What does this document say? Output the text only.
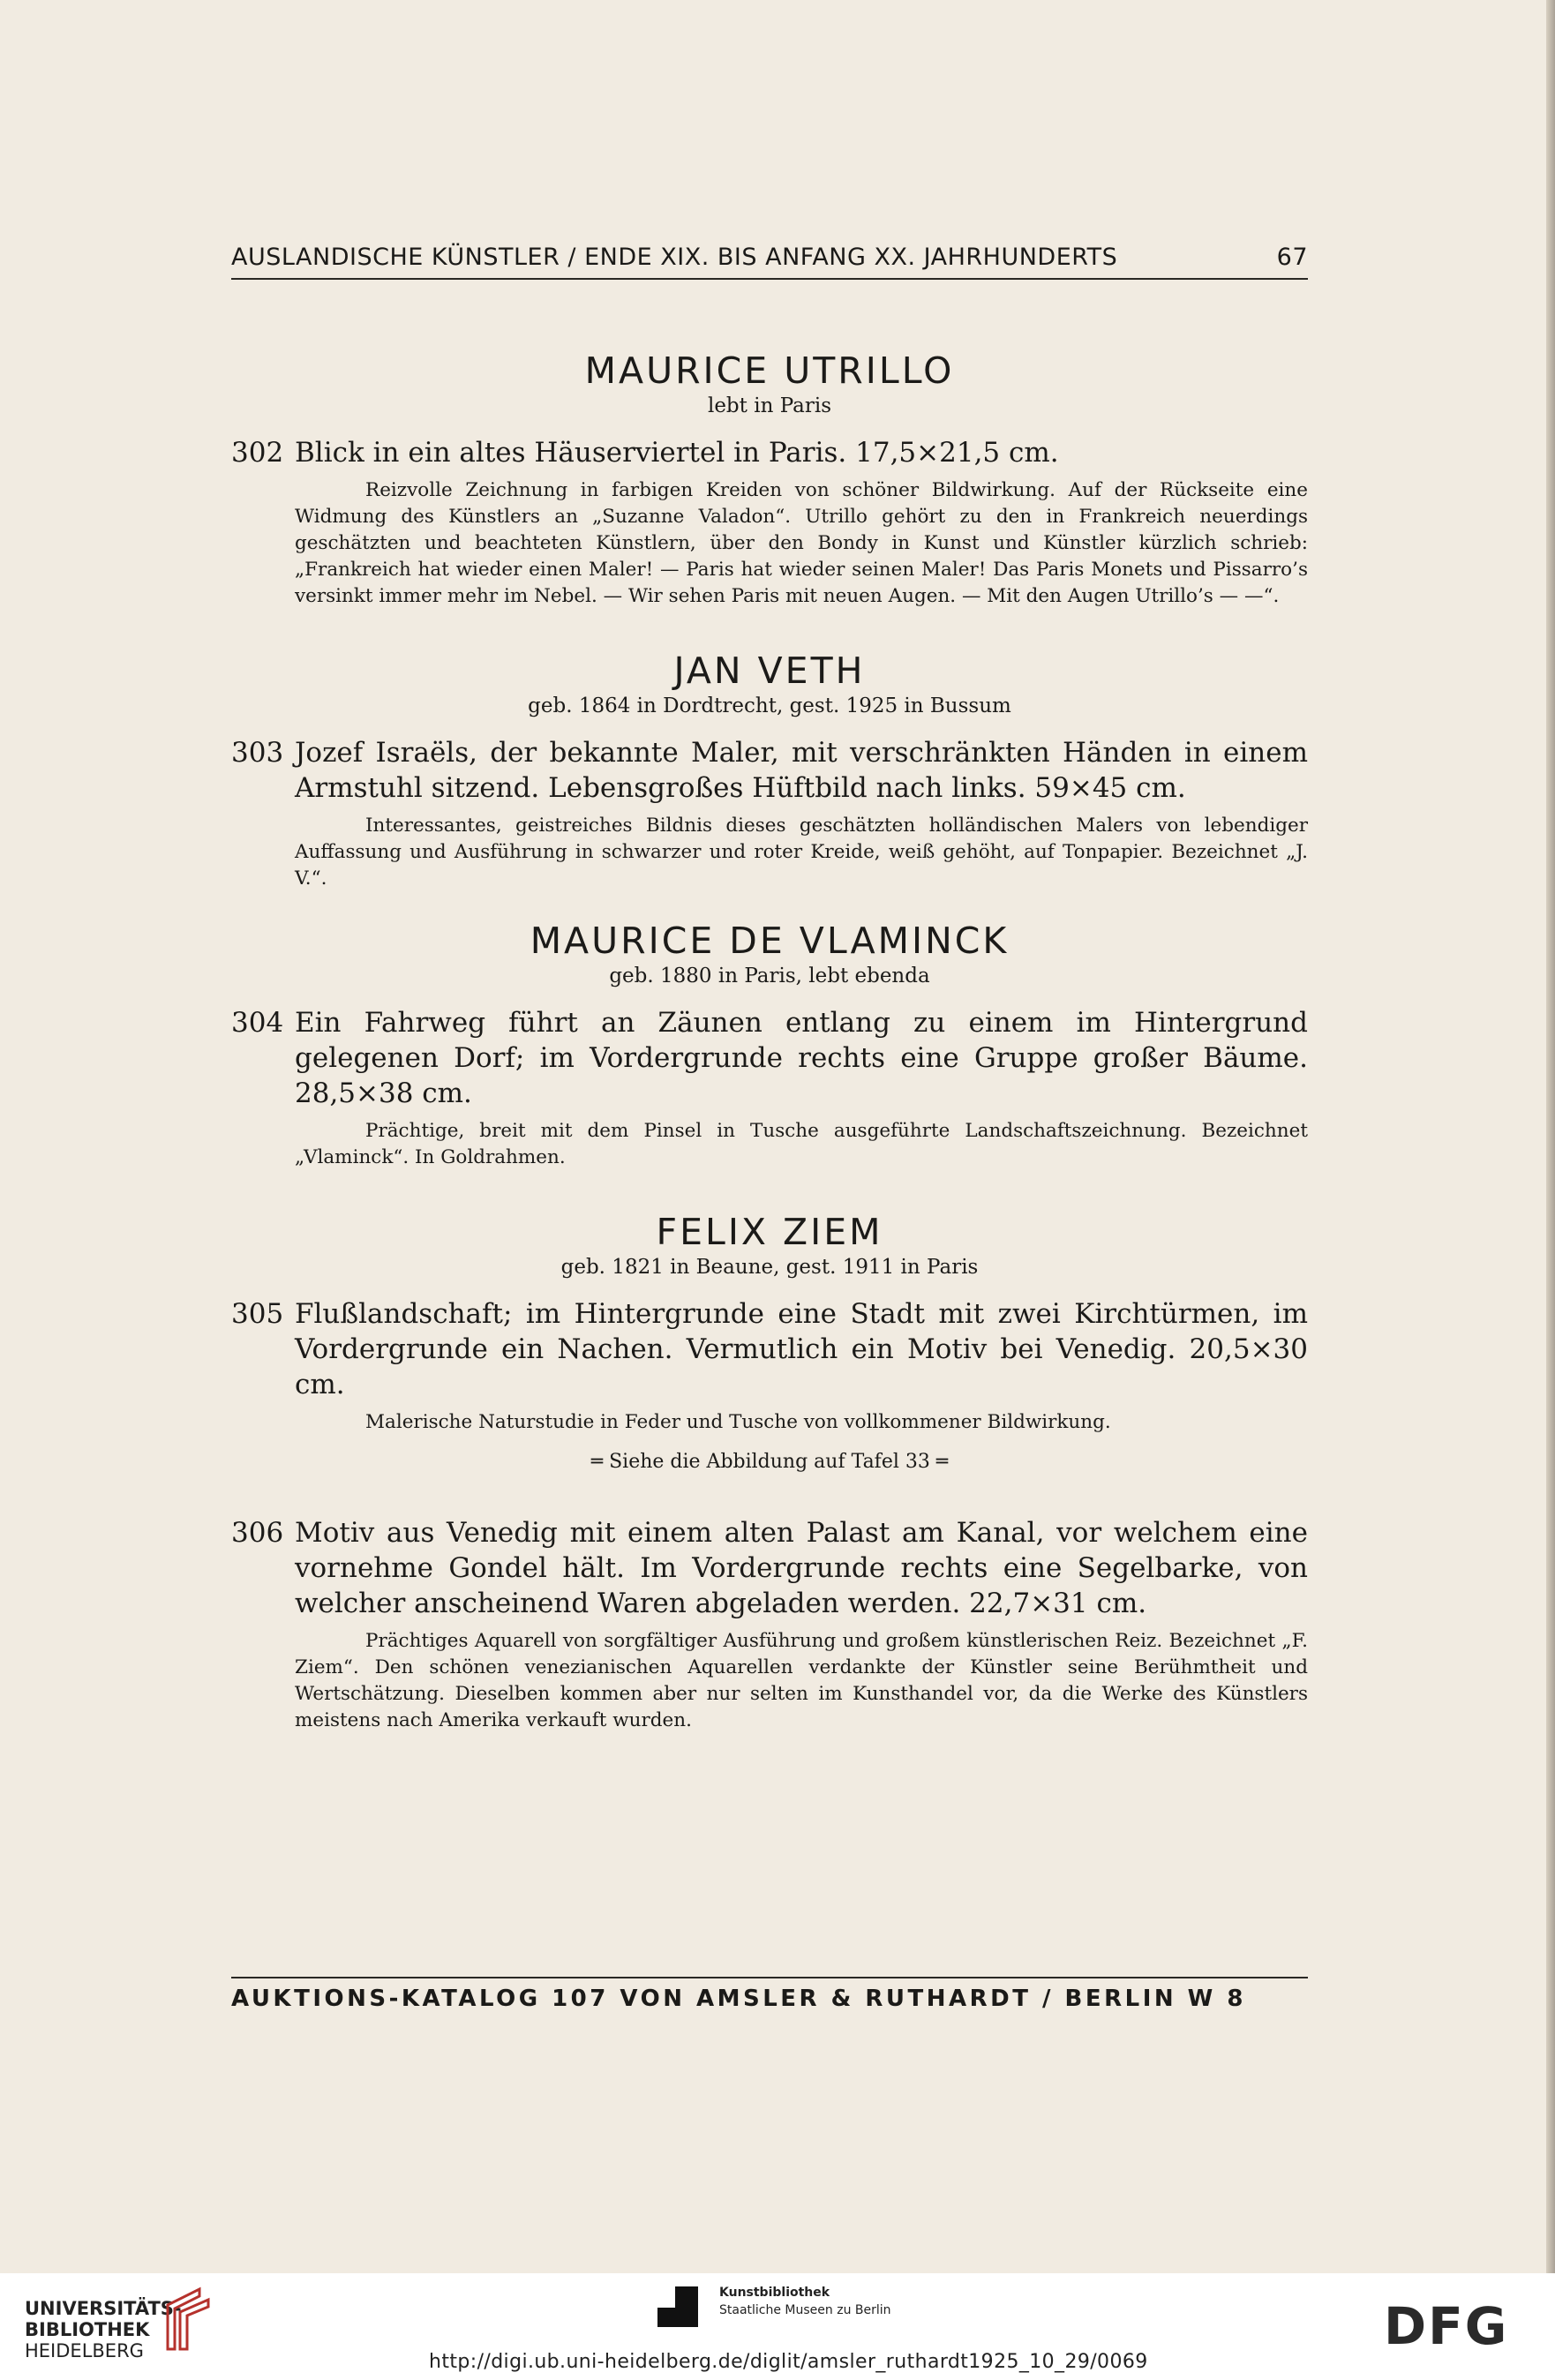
AUSLANDISCHE KÜNSTLER / ENDE XIX. BIS ANFANG XX. JAHRHUNDERTS	67
MAURICE UTRILLO
lebt in Paris
302 Blick in ein altes Häuserviertel in Paris. 17,5×21,5 cm.
Reizvolle Zeichnung in farbigen Kreiden von schöner Bildwirkung. Auf der Rückseite eine Widmung des Künstlers an „Suzanne Valadon“. Utrillo gehört zu den in Frankreich neuerdings geschätzten und beachteten Künstlern, über den Bondy in Kunst und Künstler kürzlich schrieb: „Frankreich hat wieder einen Maler! — Paris hat wieder seinen Maler! Das Paris Monets und Pissarro’s versinkt immer mehr im Nebel. — Wir sehen Paris mit neuen Augen. — Mit den Augen Utrillo’s — —“.
JAN VETH
geb. 1864 in Dordtrecht, gest. 1925 in Bussum
303 Jozef Israëls, der bekannte Maler, mit verschränkten Händen in einem Armstuhl sitzend. Lebensgroßes Hüftbild nach links. 59×45 cm.
Interessantes, geistreiches Bildnis dieses geschätzten holländischen Malers von lebendiger Auffassung und Ausführung in schwarzer und roter Kreide, weiß gehöht, auf Tonpapier. Bezeichnet „J. V.“.
MAURICE DE VLAMINCK
geb. 1880 in Paris, lebt ebenda
304 Ein Fahrweg führt an Zäunen entlang zu einem im Hintergrund gelegenen Dorf; im Vordergrunde rechts eine Gruppe großer Bäume. 28,5×38 cm.
Prächtige, breit mit dem Pinsel in Tusche ausgeführte Landschaftszeichnung. Bezeichnet „Vlaminck“. In Goldrahmen.
FELIX ZIEM
geb. 1821 in Beaune, gest. 1911 in Paris
305 Flußlandschaft; im Hintergrunde eine Stadt mit zwei Kirchtürmen, im Vordergrunde ein Nachen. Vermutlich ein Motiv bei Venedig. 20,5×30 cm.
Malerische Naturstudie in Feder und Tusche von vollkommener Bildwirkung.
═ Siehe die Abbildung auf Tafel 33 ═
306 Motiv aus Venedig mit einem alten Palast am Kanal, vor welchem eine vornehme Gondel hält. Im Vordergrunde rechts eine Segelbarke, von welcher anscheinend Waren abgeladen werden. 22,7×31 cm.
Prächtiges Aquarell von sorgfältiger Ausführung und großem künstlerischen Reiz. Bezeichnet „F. Ziem“. Den schönen venezianischen Aquarellen verdankte der Künstler seine Berühmtheit und Wertschätzung. Dieselben kommen aber nur selten im Kunsthandel vor, da die Werke des Künstlers meistens nach Amerika verkauft wurden.
AUKTIONS-KATALOG 107 VON AMSLER & RUTHARDT / BERLIN W 8
UNIVERSITÄTS-
BIBLIOTHEK
HEIDELBERG
Kunstbibliothek
Staatliche Museen zu Berlin	DFG
http://digi.ub.uni-heidelberg.de/diglit/amsler_ruthardt1925_10_29/0069
